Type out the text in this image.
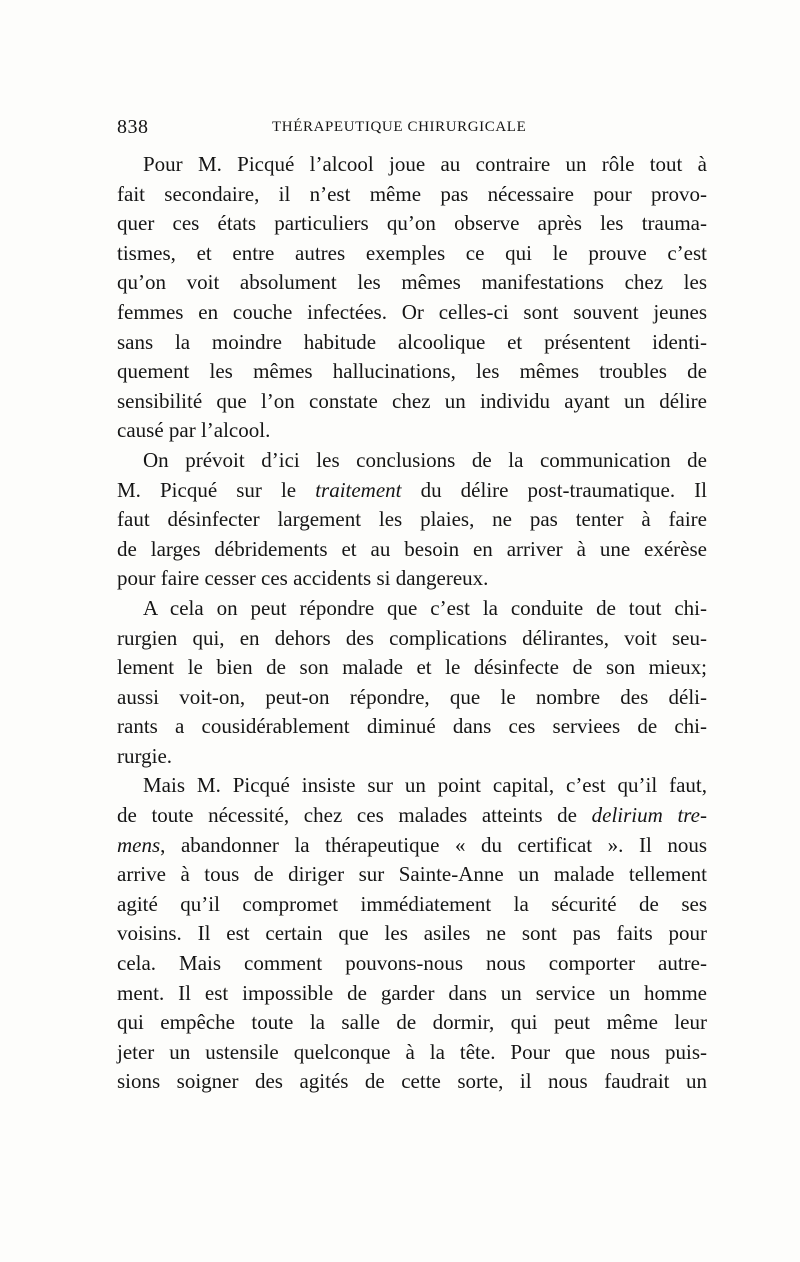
838	THÉRAPEUTIQUE CHIRURGICALE
Pour M. Picqué l’alcool joue au contraire un rôle tout à
fait secondaire, il n’est même pas nécessaire pour provo-
quer ces états particuliers qu’on observe après les trauma-
tismes, et entre autres exemples ce qui le prouve c’est
qu’on voit absolument les mêmes manifestations chez les
femmes en couche infectées. Or celles-ci sont souvent jeunes
sans la moindre habitude alcoolique et présentent identi-
quement les mêmes hallucinations, les mêmes troubles de
sensibilité que l’on constate chez un individu ayant un délire
causé par l’alcool.
On prévoit d’ici les conclusions de la communication de
M. Picqué sur le traitement du délire post-traumatique. Il
faut désinfecter largement les plaies, ne pas tenter à faire
de larges débridements et au besoin en arriver à une exérèse
pour faire cesser ces accidents si dangereux.
A cela on peut répondre que c’est la conduite de tout chi-
rurgien qui, en dehors des complications délirantes, voit seu-
lement le bien de son malade et le désinfecte de son mieux;
aussi voit-on, peut-on répondre, que le nombre des déli-
rants a cousidérablement diminué dans ces serviees de chi-
rurgie.
Mais M. Picqué insiste sur un point capital, c’est qu’il faut,
de toute nécessité, chez ces malades atteints de delirium tre-
mens, abandonner la thérapeutique « du certificat ». Il nous
arrive à tous de diriger sur Sainte-Anne un malade tellement
agité qu’il compromet immédiatement la sécurité de ses
voisins. Il est certain que les asiles ne sont pas faits pour
cela. Mais comment pouvons-nous nous comporter autre-
ment. Il est impossible de garder dans un service un homme
qui empêche toute la salle de dormir, qui peut même leur
jeter un ustensile quelconque à la tête. Pour que nous puis-
sions soigner des agités de cette sorte, il nous faudrait un
